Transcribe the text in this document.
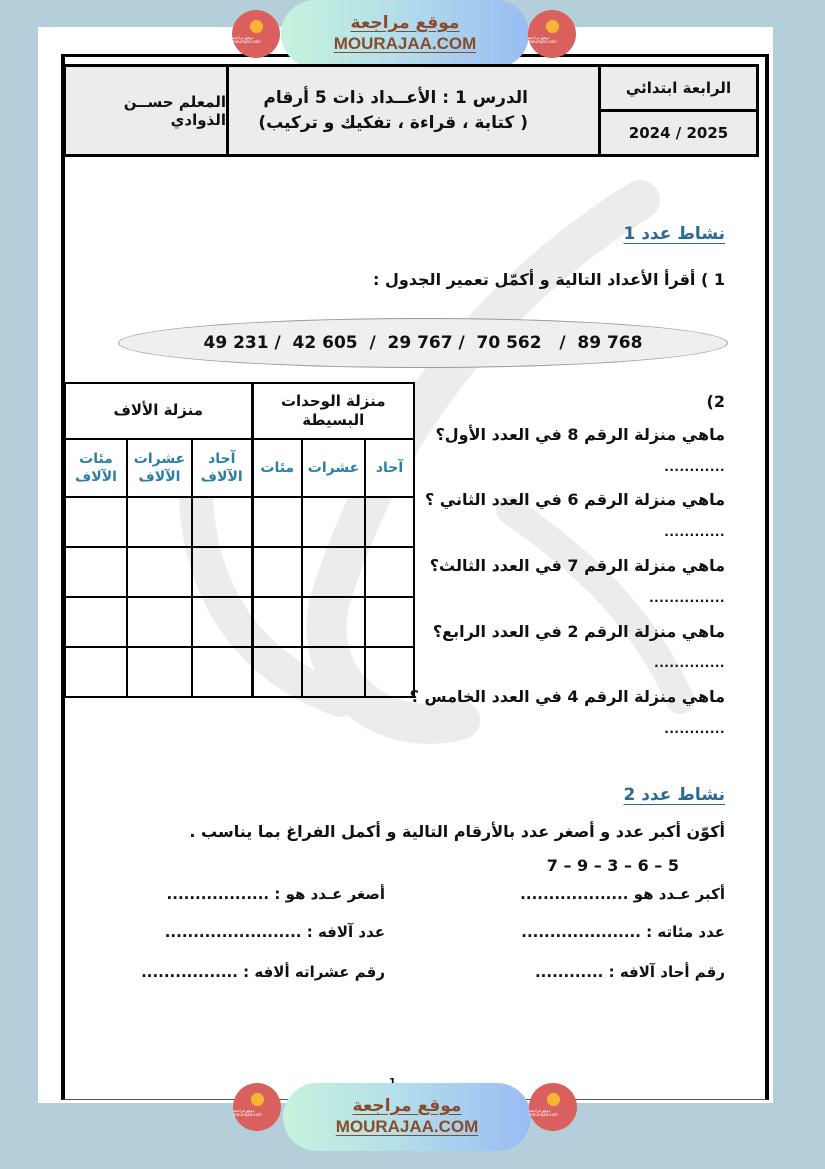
موقع مراجعة mourajaa.com
موقع مراجعة
MOURAJAA.COM	موقع مراجعة mourajaa.com
الرابعة ابتدائي
2025 / 2024
الدرس 1 : الأعــداد ذات 5 أرقام
( كتابة ، قراءة ، تفكيك و تركيب)
المعلم حســن الذوادي
نشاط عدد 1
1 ) أقرأ الأعداد التالية و أكمّل تعمير الجدول :
49 231 /  42 605  /  29 767 /  70 562   /  89 768
منزلة الوحدات البسيطة			منزلة الألاف		
آحاد	عشرات	مئات	آحاد الآلاف	عشرات الآلاف	مئات الآلاف

2)
ماهي منزلة الرقم 8 في العدد الأول؟
............
ماهي منزلة الرقم 6 في العدد الثاني ؟
............
ماهي منزلة الرقم 7 في العدد الثالث؟
...............
ماهي منزلة الرقم 2 في العدد الرابع؟
..............
ماهي منزلة الرقم 4 في العدد الخامس ؟
............
نشاط عدد 2
أكوّن أكبر عدد و أصغر عدد بالأرقام التالية و أكمل الفراغ بما يناسب .
5 – 6 – 3 – 9 – 7
أكبر عـدد هو ...................
أصغر عـدد هو : ..................
عدد مئاته : .....................
عدد آلافه : ........................
رقم أحاد آلافه : ............
رقم عشراته ألافه : .................
موقع مراجعة mourajaa.com	موقع مراجعة
MOURAJAA.COM
موقع مراجعة mourajaa.com
